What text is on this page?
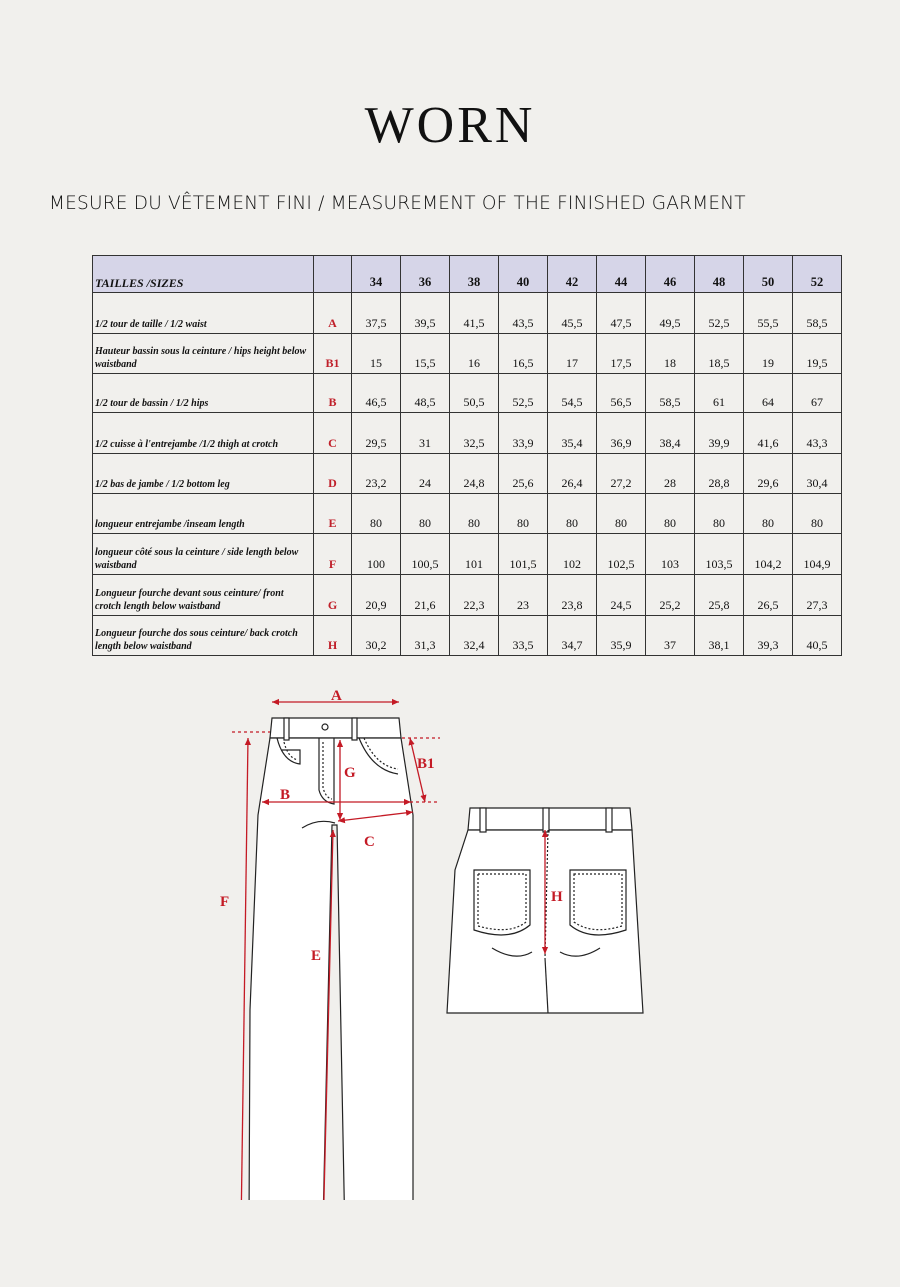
WORN
MESURE DU VÊTEMENT FINI / MEASUREMENT OF THE FINISHED GARMENT
TAILLES /SIZES		34	36	38	40	42	44	46	48	50	52
1/2 tour de taille / 1/2 waist	A	37,5	39,5	41,5	43,5	45,5	47,5	49,5	52,5	55,5	58,5
Hauteur bassin sous la ceinture / hips height below waistband	B1	15	15,5	16	16,5	17	17,5	18	18,5	19	19,5
1/2 tour de bassin / 1/2 hips	B	46,5	48,5	50,5	52,5	54,5	56,5	58,5	61	64	67
1/2 cuisse à l'entrejambe /1/2 thigh at crotch	C	29,5	31	32,5	33,9	35,4	36,9	38,4	39,9	41,6	43,3
1/2 bas de jambe / 1/2 bottom leg	D	23,2	24	24,8	25,6	26,4	27,2	28	28,8	29,6	30,4
longueur entrejambe /inseam length	E	80	80	80	80	80	80	80	80	80	80
longueur côté sous la ceinture / side length below waistband	F	100	100,5	101	101,5	102	102,5	103	103,5	104,2	104,9
Longueur fourche devant sous ceinture/ front crotch length below waistband	G	20,9	21,6	22,3	23	23,8	24,5	25,2	25,8	26,5	27,3
Longueur fourche dos sous ceinture/ back crotch length below waistband	H	30,2	31,3	32,4	33,5	34,7	35,9	37	38,1	39,3	40,5
A
B1
B
G
C
F
E
H
